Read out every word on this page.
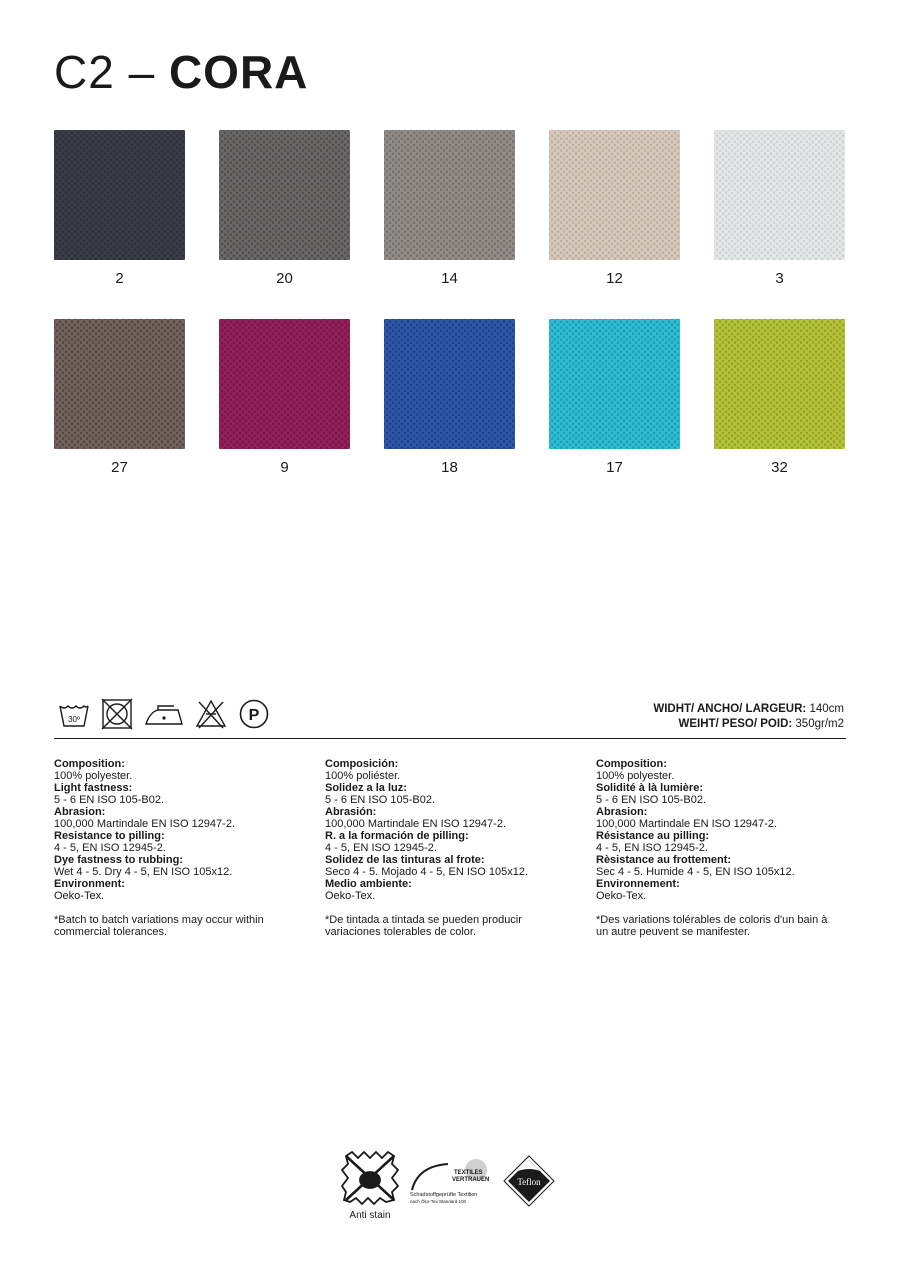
C2 – CORA
2	20	14	12	3
27	9	18	17	32
30º	P	WIDHT/ ANCHO/ LARGEUR: 140cm
WEIHT/ PESO/ POID: 350gr/m2
Composition:
100% polyester.
Light fastness:
5 - 6 EN ISO 105-B02.
Abrasion:
100,000 Martindale EN ISO 12947-2.
Resistance to pilling:
4 - 5, EN ISO 12945-2.
Dye fastness to rubbing:
Wet 4 - 5. Dry 4 - 5, EN ISO 105x12.
Environment:
Oeko-Tex.
*Batch to batch variations may occur within commercial tolerances.
Composición:
100% poliéster.
Solidez a la luz:
5 - 6 EN ISO 105-B02.
Abrasión:
100,000 Martindale EN ISO 12947-2.
R. a la formación de pilling:
4 - 5, EN ISO 12945-2.
Solidez de las tinturas al frote:
Seco 4 - 5. Mojado 4 - 5, EN ISO 105x12.
Medio ambiente:
Oeko-Tex.
*De tintada a tintada se pueden producir variaciones tolerables de color.
Composition:
100% polyester.
Solidité à là lumière:
5 - 6 EN ISO 105-B02.
Abrasion:
100,000 Martindale EN ISO 12947-2.
Résistance au pilling:
4 - 5, EN ISO 12945-2.
Rèsistance au frottement:
Sec 4 - 5. Humide 4 - 5, EN ISO 105x12.
Environnement:
Oeko-Tex.
*Des variations tolérables de coloris d'un bain à un autre peuvent se manifester.
Anti stain
TEXTILES
VERTRAUEN
Schadstoffgeprüfte Textilien
nach Öko-Tex Standard 100
Teflon
